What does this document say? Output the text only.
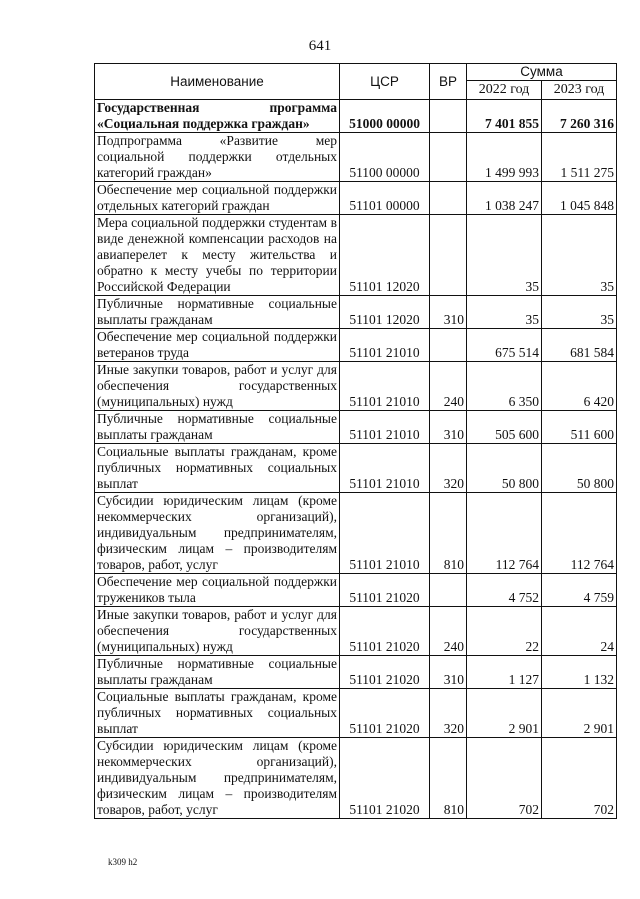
641
Наименование	ЦСР	ВР	Сумма	
			2022 год	2023 год
Государственная программа «Социальная поддержка граждан»	51000 00000		7 401 855	7 260 316
Подпрограмма «Развитие мер социальной поддержки отдельных категорий граждан»	51100 00000		1 499 993	1 511 275
Обеспечение мер социальной поддержки отдельных категорий граждан	51101 00000		1 038 247	1 045 848
Мера социальной поддержки студентам в виде денежной компенсации расходов на авиаперелет к месту жительства и обратно к месту учебы по территории Российской Федерации	51101 12020		35	35
Публичные нормативные социальные выплаты гражданам	51101 12020	310	35	35
Обеспечение мер социальной поддержки ветеранов труда	51101 21010		675 514	681 584
Иные закупки товаров, работ и услуг для обеспечения государственных (муниципальных) нужд	51101 21010	240	6 350	6 420
Публичные нормативные социальные выплаты гражданам	51101 21010	310	505 600	511 600
Социальные выплаты гражданам, кроме публичных нормативных социальных выплат	51101 21010	320	50 800	50 800
Субсидии юридическим лицам (кроме некоммерческих организаций), индивидуальным предпринимателям, физическим лицам – производителям товаров, работ, услуг	51101 21010	810	112 764	112 764
Обеспечение мер социальной поддержки тружеников тыла	51101 21020		4 752	4 759
Иные закупки товаров, работ и услуг для обеспечения государственных (муниципальных) нужд	51101 21020	240	22	24
Публичные нормативные социальные выплаты гражданам	51101 21020	310	1 127	1 132
Социальные выплаты гражданам, кроме публичных нормативных социальных выплат	51101 21020	320	2 901	2 901
Субсидии юридическим лицам (кроме некоммерческих организаций), индивидуальным предпринимателям, физическим лицам – производителям товаров, работ, услуг	51101 21020	810	702	702
k309 h2
